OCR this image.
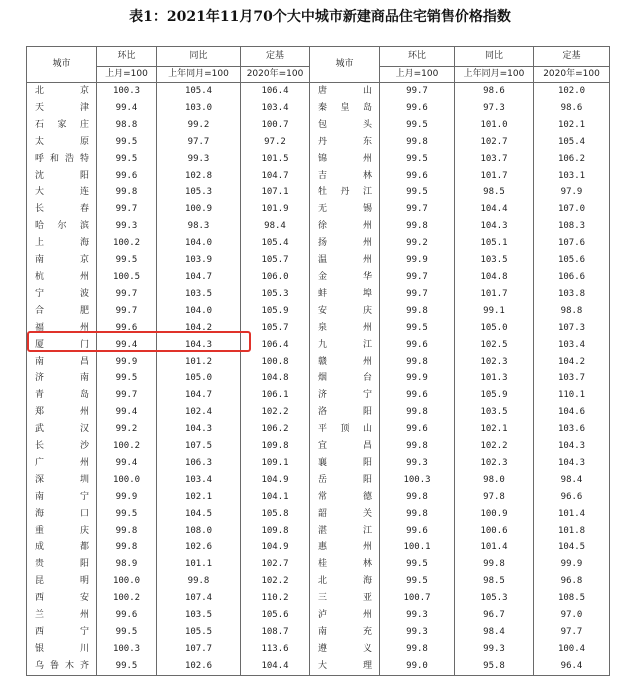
表1：2021年11月70个大中城市新建商品住宅销售价格指数
城市	环比	同比	定基	城市	环比	同比	定基
	上月=100	上年同月=100	2020年=100		上月=100	上年同月=100	2020年=100
北　　京	100.3	105.4	106.4	唐　　山	99.7	98.6	102.0
天　　津	99.4	103.0	103.4	秦皇岛	99.6	97.3	98.6
石家庄	98.8	99.2	100.7	包　　头	99.5	101.0	102.1
太　　原	99.5	97.7	97.2	丹　　东	99.8	102.7	105.4
呼和浩特	99.5	99.3	101.5	锦　　州	99.5	103.7	106.2
沈　　阳	99.6	102.8	104.7	吉　　林	99.6	101.7	103.1
大　　连	99.8	105.3	107.1	牡丹江	99.5	98.5	97.9
长　　春	99.7	100.9	101.9	无　　锡	99.7	104.4	107.0
哈尔滨	99.3	98.3	98.4	徐　　州	99.8	104.3	108.3
上　　海	100.2	104.0	105.4	扬　　州	99.2	105.1	107.6
南　　京	99.5	103.9	105.7	温　　州	99.9	103.5	105.6
杭　　州	100.5	104.7	106.0	金　　华	99.7	104.8	106.6
宁　　波	99.7	103.5	105.3	蚌　　埠	99.7	101.7	103.8
合　　肥	99.7	104.0	105.9	安　　庆	99.8	99.1	98.8
福　　州	99.6	104.2	105.7	泉　　州	99.5	105.0	107.3
厦　　门	99.4	104.3	106.4	九　　江	99.6	102.5	103.4
南　　昌	99.9	101.2	100.8	赣　　州	99.8	102.3	104.2
济　　南	99.5	105.0	104.8	烟　　台	99.9	101.3	103.7
青　　岛	99.7	104.7	106.1	济　　宁	99.6	105.9	110.1
郑　　州	99.4	102.4	102.2	洛　　阳	99.8	103.5	104.6
武　　汉	99.2	104.3	106.2	平顶山	99.6	102.1	103.6
长　　沙	100.2	107.5	109.8	宜　　昌	99.8	102.2	104.3
广　　州	99.4	106.3	109.1	襄　　阳	99.3	102.3	104.3
深　　圳	100.0	103.4	104.9	岳　　阳	100.3	98.0	98.4
南　　宁	99.9	102.1	104.1	常　　德	99.8	97.8	96.6
海　　口	99.5	104.5	105.8	韶　　关	99.8	100.9	101.4
重　　庆	99.8	108.0	109.8	湛　　江	99.6	100.6	101.8
成　　都	99.8	102.6	104.9	惠　　州	100.1	101.4	104.5
贵　　阳	98.9	101.1	102.7	桂　　林	99.5	99.8	99.9
昆　　明	100.0	99.8	102.2	北　　海	99.5	98.5	96.8
西　　安	100.2	107.4	110.2	三　　亚	100.7	105.3	108.5
兰　　州	99.6	103.5	105.6	泸　　州	99.3	96.7	97.0
西　　宁	99.5	105.5	108.7	南　　充	99.3	98.4	97.7
银　　川	100.3	107.7	113.6	遵　　义	99.8	99.3	100.4
乌鲁木齐	99.5	102.6	104.4	大　　理	99.0	95.8	96.4
